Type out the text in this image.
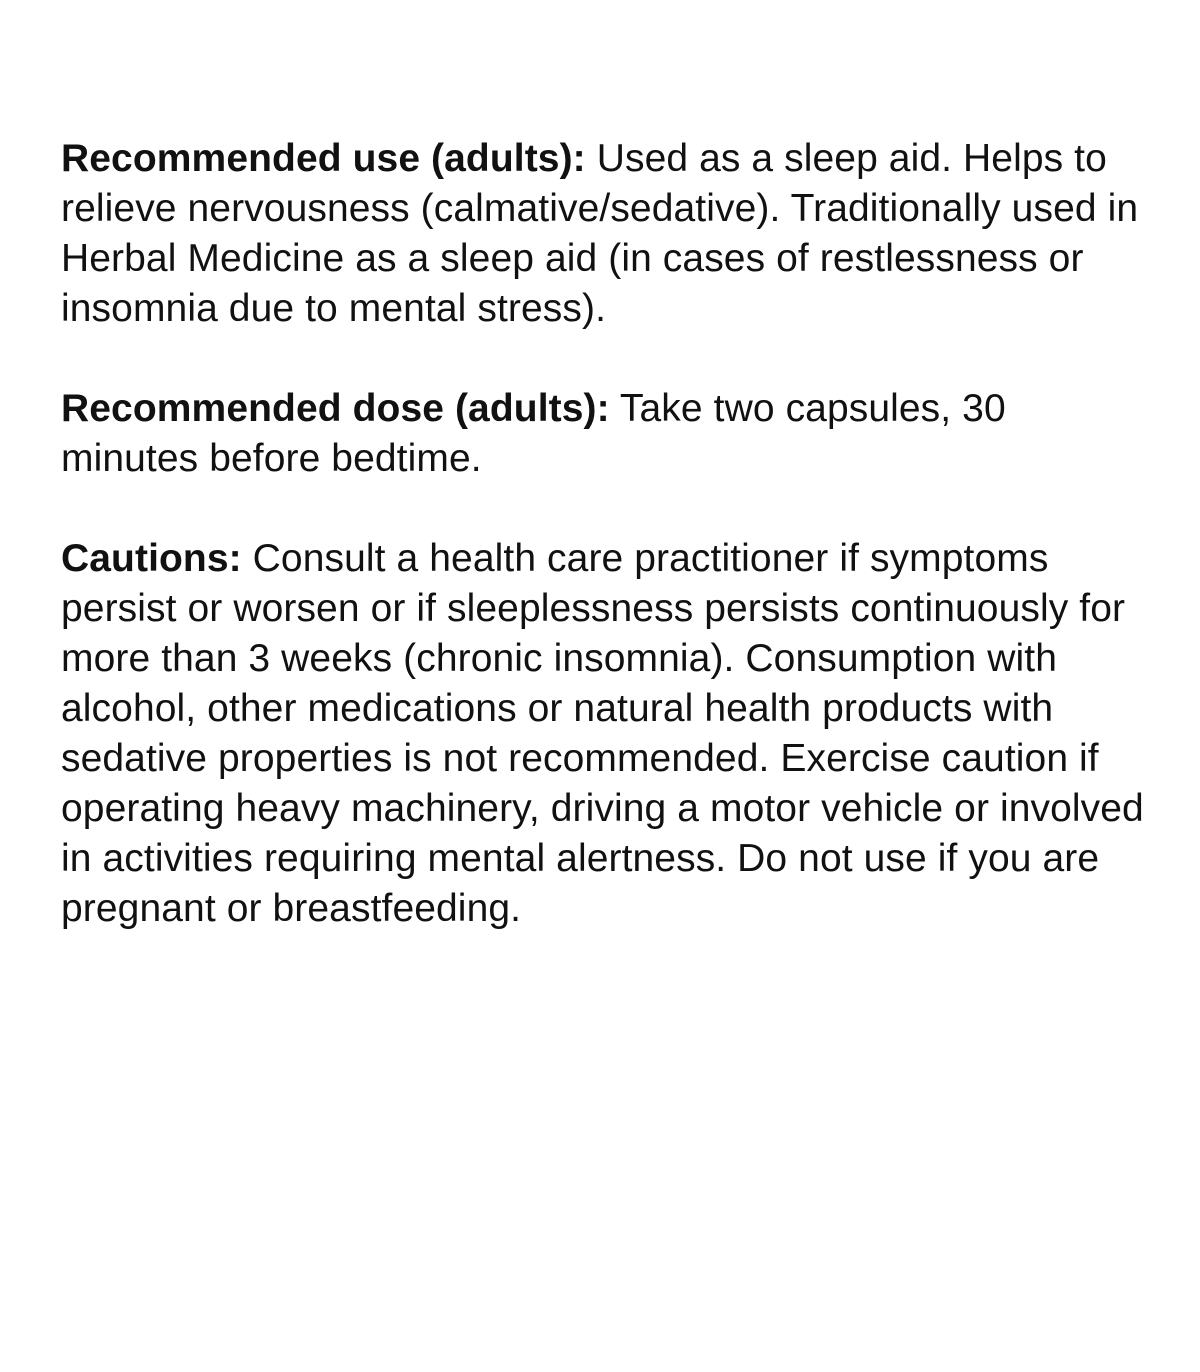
Recommended use (adults): Used as a sleep aid. Helps to relieve nervousness (calmative/sedative). Traditionally used in Herbal Medicine as a sleep aid (in cases of restlessness or insomnia due to mental stress).

Recommended dose (adults): Take two capsules, 30 minutes before bedtime.

Cautions: Consult a health care practitioner if symptoms persist or worsen or if sleeplessness persists continuously for more than 3 weeks (chronic insomnia). Consumption with alcohol, other medications or natural health products with sedative properties is not recommended. Exercise caution if operating heavy machinery, driving a motor vehicle or involved in activities requiring mental alertness. Do not use if you are pregnant or breastfeeding.
